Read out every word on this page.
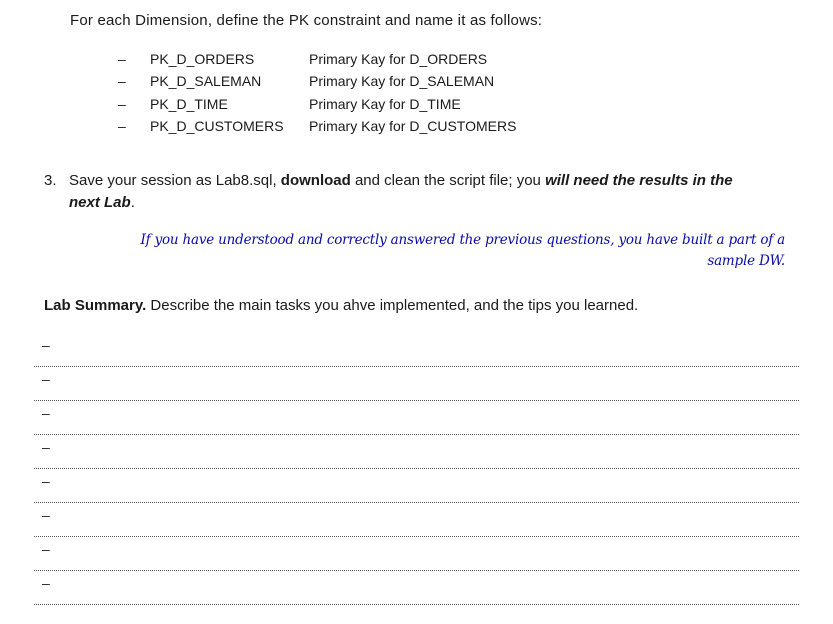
For each Dimension, define the PK constraint and name it as follows:

– PK_D_ORDERS	Primary Kay for D_ORDERS
– PK_D_SALEMAN	Primary Kay for D_SALEMAN
– PK_D_TIME	Primary Kay for D_TIME
– PK_D_CUSTOMERS Primary Kay for D_CUSTOMERS
3. Save your session as Lab8.sql, download and clean the script file; you will need the results in the
next Lab.
If you have understood and correctly answered the previous questions, you have built a part of a
sample DW.

Lab Summary. Describe the main tasks you ahve implemented, and the tips you learned.

–
–
–
–
–
–
–
–
